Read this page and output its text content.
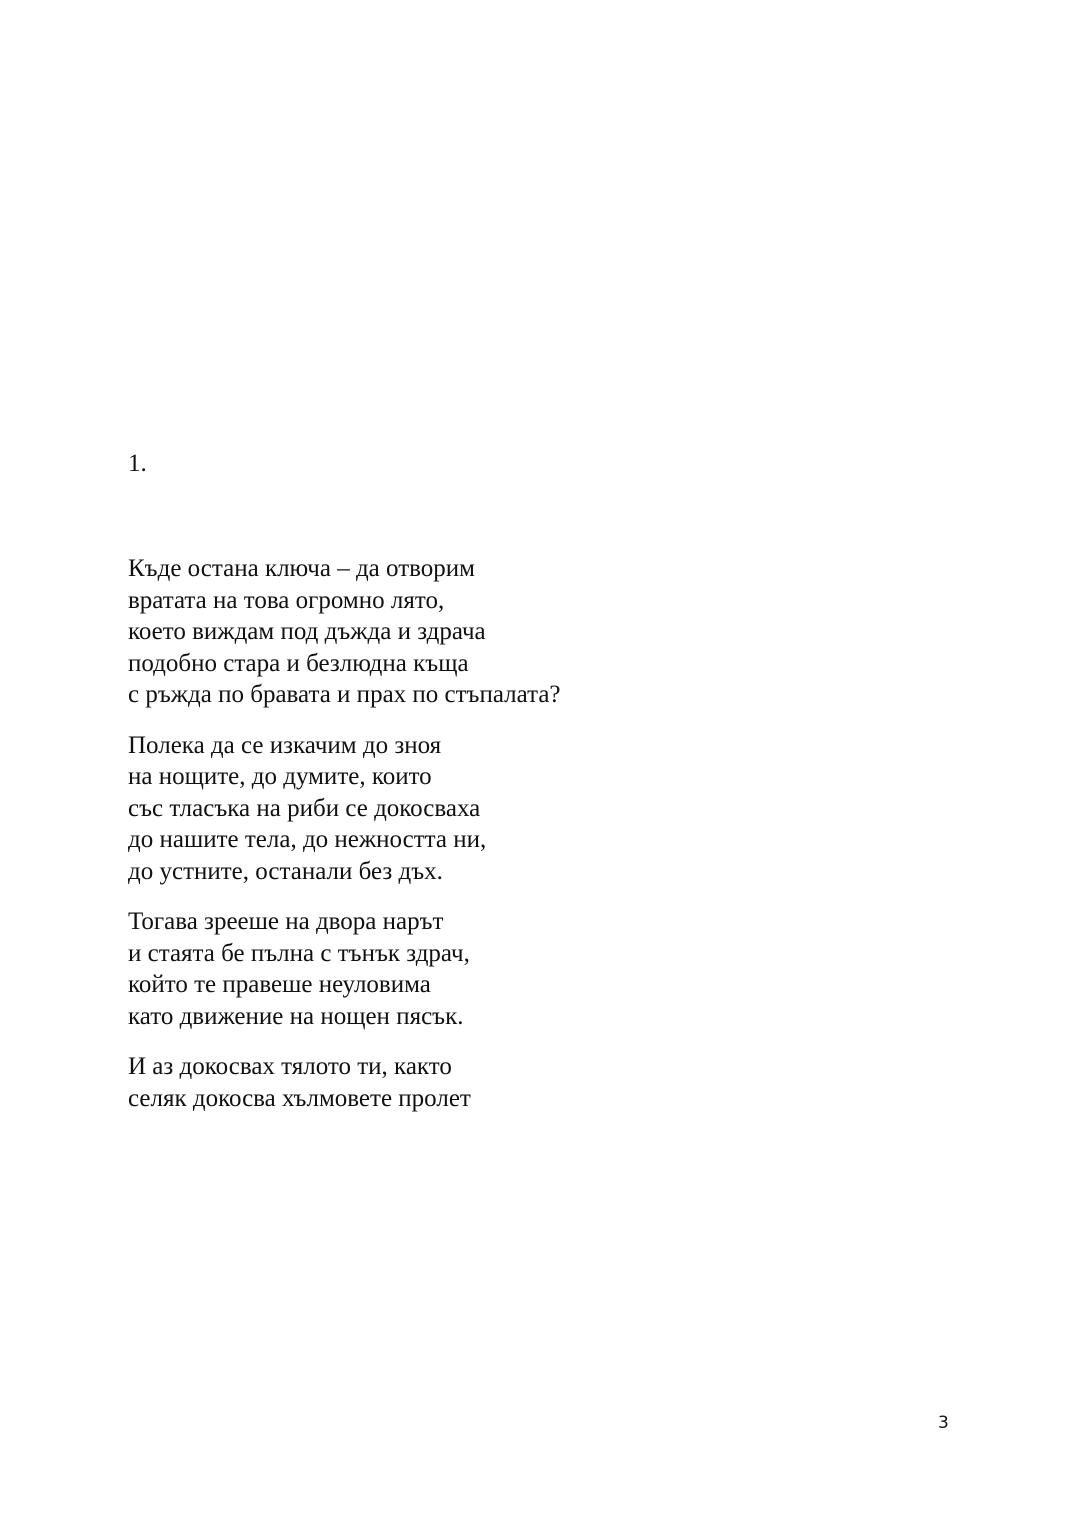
1.

Къде остана ключа – да отворим
вратата на това огромно лято,
което виждам под дъжда и здрача
подобно стара и безлюдна къща
с ръжда по бравата и прах по стъпалата?
Полека да се изкачим до зноя
на нощите, до думите, които
със тласъка на риби се докосваха
до нашите тела, до нежността ни,
до устните, останали без дъх.
Тогава зрееше на двора нарът
и стаята бе пълна с тънък здрач,
който те правеше неуловима
като движение на нощен пясък.
И аз докосвах тялото ти, както
селяк докосва хълмовете пролет
3
